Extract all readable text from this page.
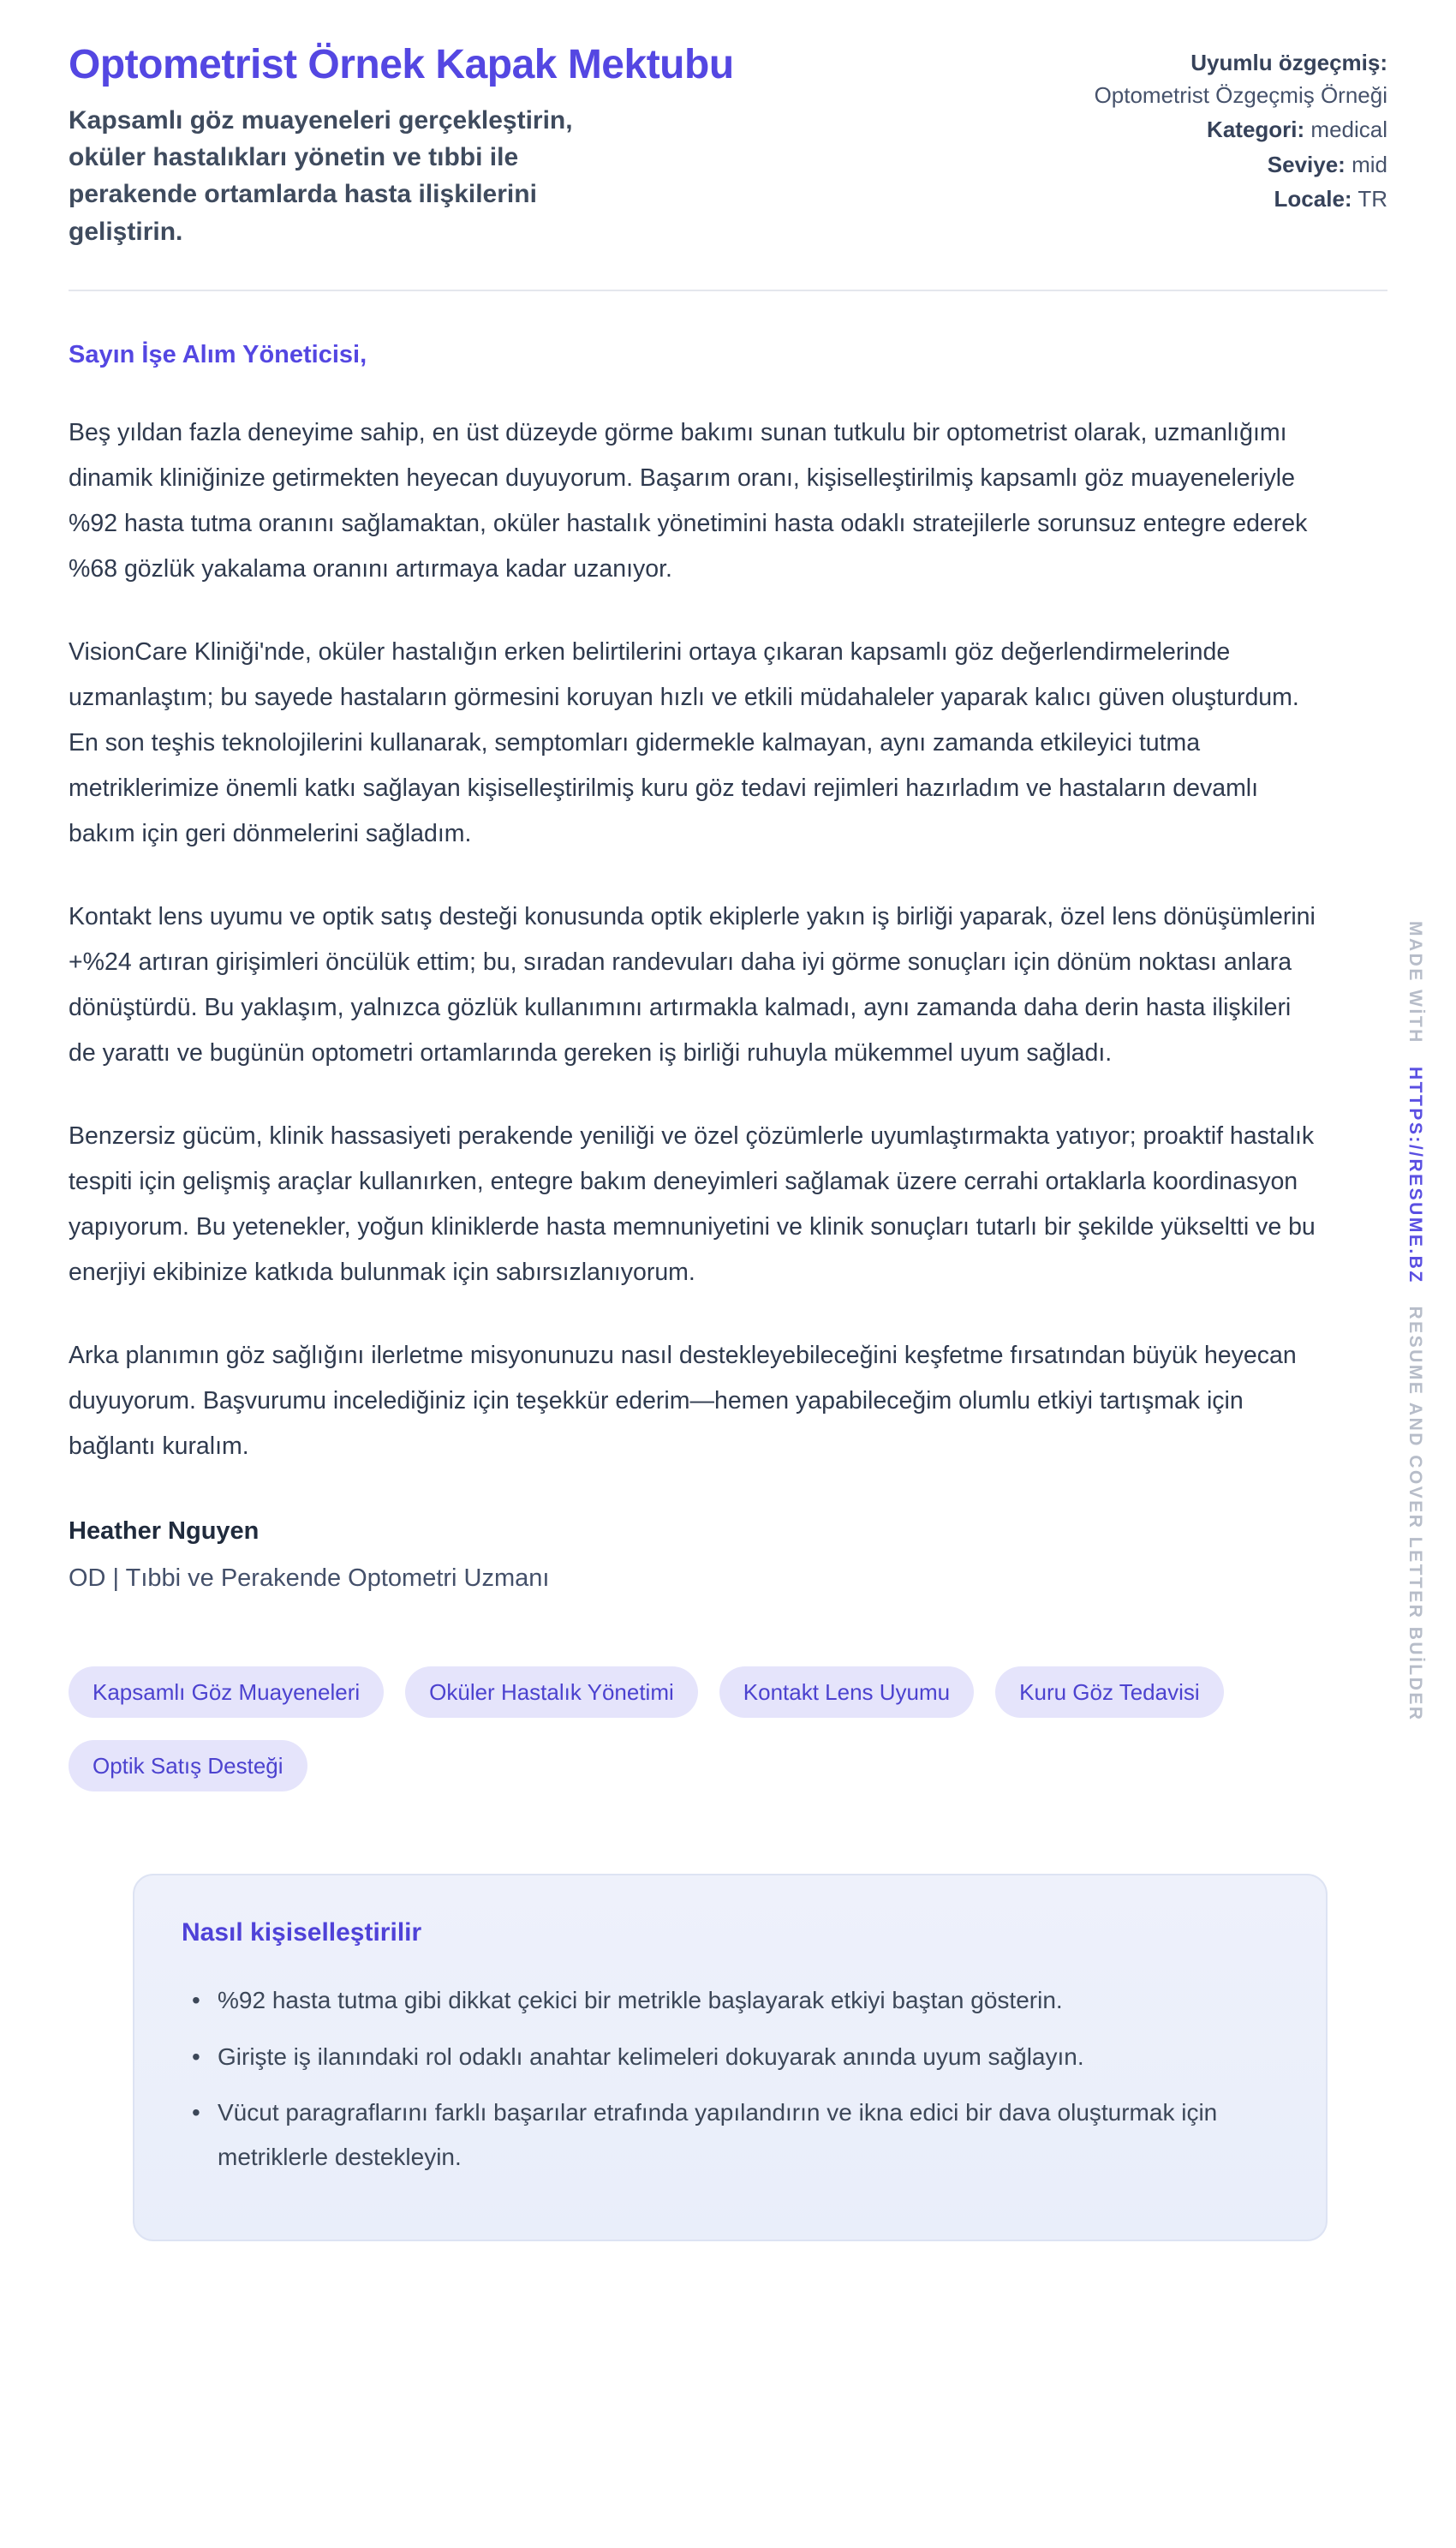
Optometrist Örnek Kapak Mektubu

Kapsamlı göz muayeneleri gerçekleştirin, oküler hastalıkları yönetin ve tıbbi ile perakende ortamlarda hasta ilişkilerini geliştirin.

Uyumlu özgeçmiş: Optometrist Özgeçmiş Örneği
Kategori: medical
Seviye: mid
Locale: TR

Sayın İşe Alım Yöneticisi,

Beş yıldan fazla deneyime sahip, en üst düzeyde görme bakımı sunan tutkulu bir optometrist olarak, uzmanlığımı dinamik kliniğinize getirmekten heyecan duyuyorum. Başarım oranı, kişiselleştirilmiş kapsamlı göz muayeneleriyle %92 hasta tutma oranını sağlamaktan, oküler hastalık yönetimini hasta odaklı stratejilerle sorunsuz entegre ederek %68 gözlük yakalama oranını artırmaya kadar uzanıyor.

VisionCare Kliniği'nde, oküler hastalığın erken belirtilerini ortaya çıkaran kapsamlı göz değerlendirmelerinde uzmanlaştım; bu sayede hastaların görmesini koruyan hızlı ve etkili müdahaleler yaparak kalıcı güven oluşturdum. En son teşhis teknolojilerini kullanarak, semptomları gidermekle kalmayan, aynı zamanda etkileyici tutma metriklerimize önemli katkı sağlayan kişiselleştirilmiş kuru göz tedavi rejimleri hazırladım ve hastaların devamlı bakım için geri dönmelerini sağladım.

Kontakt lens uyumu ve optik satış desteği konusunda optik ekiplerle yakın iş birliği yaparak, özel lens dönüşümlerini +%24 artıran girişimleri öncülük ettim; bu, sıradan randevuları daha iyi görme sonuçları için dönüm noktası anlara dönüştürdü. Bu yaklaşım, yalnızca gözlük kullanımını artırmakla kalmadı, aynı zamanda daha derin hasta ilişkileri de yarattı ve bugünün optometri ortamlarında gereken iş birliği ruhuyla mükemmel uyum sağladı.

Benzersiz gücüm, klinik hassasiyeti perakende yeniliği ve özel çözümlerle uyumlaştırmakta yatıyor; proaktif hastalık tespiti için gelişmiş araçlar kullanırken, entegre bakım deneyimleri sağlamak üzere cerrahi ortaklarla koordinasyon yapıyorum. Bu yetenekler, yoğun kliniklerde hasta memnuniyetini ve klinik sonuçları tutarlı bir şekilde yükseltti ve bu enerjiyi ekibinize katkıda bulunmak için sabırsızlanıyorum.

Arka planımın göz sağlığını ilerletme misyonunuzu nasıl destekleyebileceğini keşfetme fırsatından büyük heyecan duyuyorum. Başvurumu incelediğiniz için teşekkür ederim—hemen yapabileceğim olumlu etkiyi tartışmak için bağlantı kuralım.

Heather Nguyen

OD | Tıbbi ve Perakende Optometri Uzmanı

Kapsamlı Göz Muayeneleri	Oküler Hastalık Yönetimi	Kontakt Lens Uyumu	Kuru Göz Tedavisi
Optik Satış Desteği
Nasıl kişiselleştirilir
• %92 hasta tutma gibi dikkat çekici bir metrikle başlayarak etkiyi baştan gösterin.
• Girişte iş ilanındaki rol odaklı anahtar kelimeleri dokuyarak anında uyum sağlayın.
• Vücut paragraflarını farklı başarılar etrafında yapılandırın ve ikna edici bir dava oluşturmak için metriklerle destekleyin.
MADE WİTHHTTPS://RESUME.BZRESUME AND COVER LETTER BUİLDER
